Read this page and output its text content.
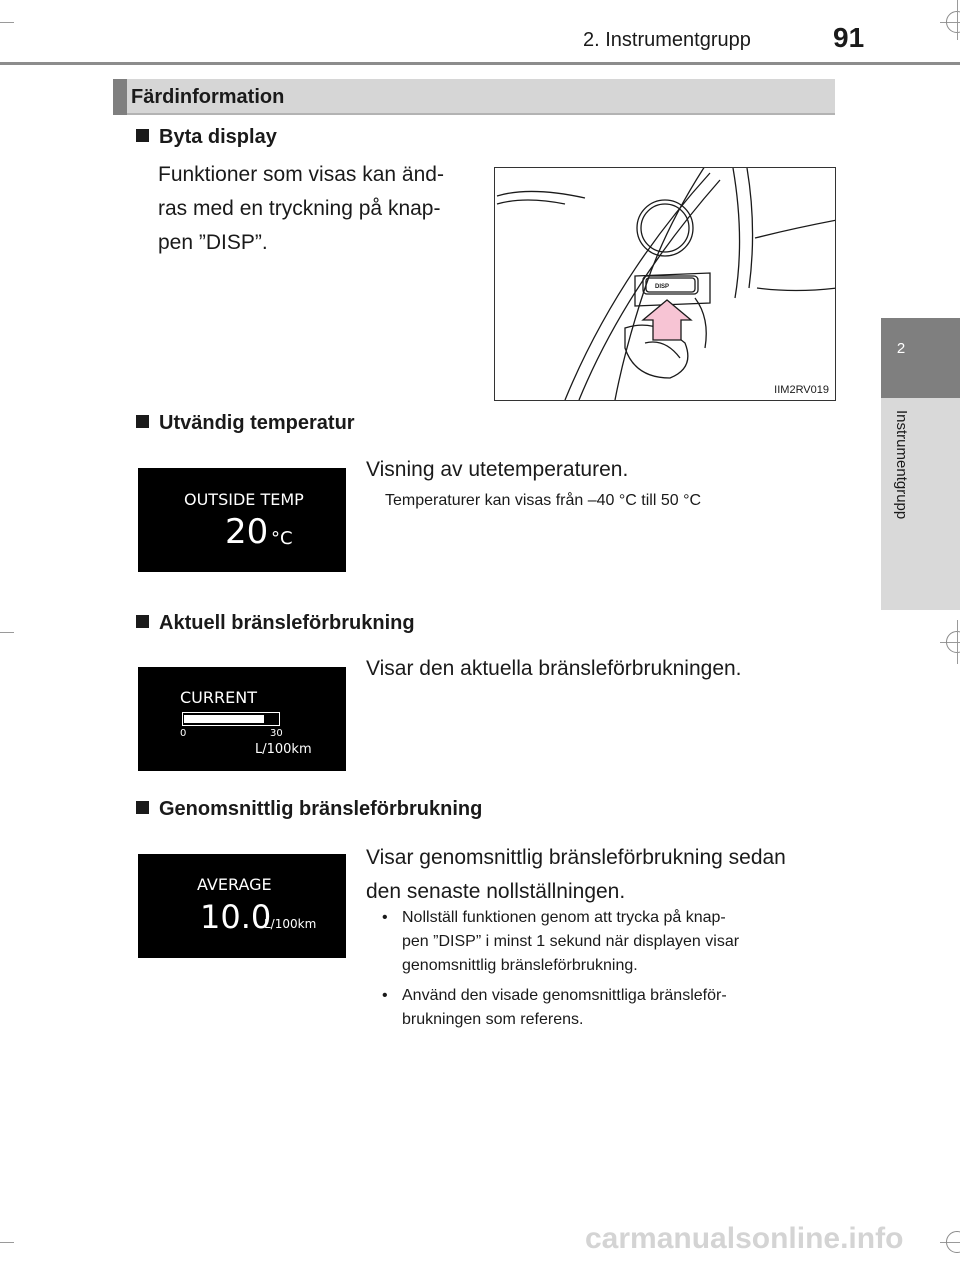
2. Instrumentgrupp	91
2
Instrumentgrupp
Färdinformation
Byta display
Funktioner som visas kan änd-
ras med en tryckning på knap-
pen ”DISP”.
DISP
IIM2RV019
Utvändig temperatur
OUTSIDE TEMP
20 °C
Visning av utetemperaturen.
Temperaturer kan visas från –40 °C till 50 °C
Aktuell bränsleförbrukning
CURRENT
0	30
L/100km
Visar den aktuella bränsleförbrukningen.
Genomsnittlig bränsleförbrukning
AVERAGE
10.0
L/100km
Visar genomsnittlig bränsleförbrukning sedan
den senaste nollställningen.
• Nollställ funktionen genom att trycka på knap-
pen ”DISP” i minst 1 sekund när displayen visar
genomsnittlig bränsleförbrukning.
• Använd den visade genomsnittliga bränsleför-
brukningen som referens.
carmanualsonline.info
